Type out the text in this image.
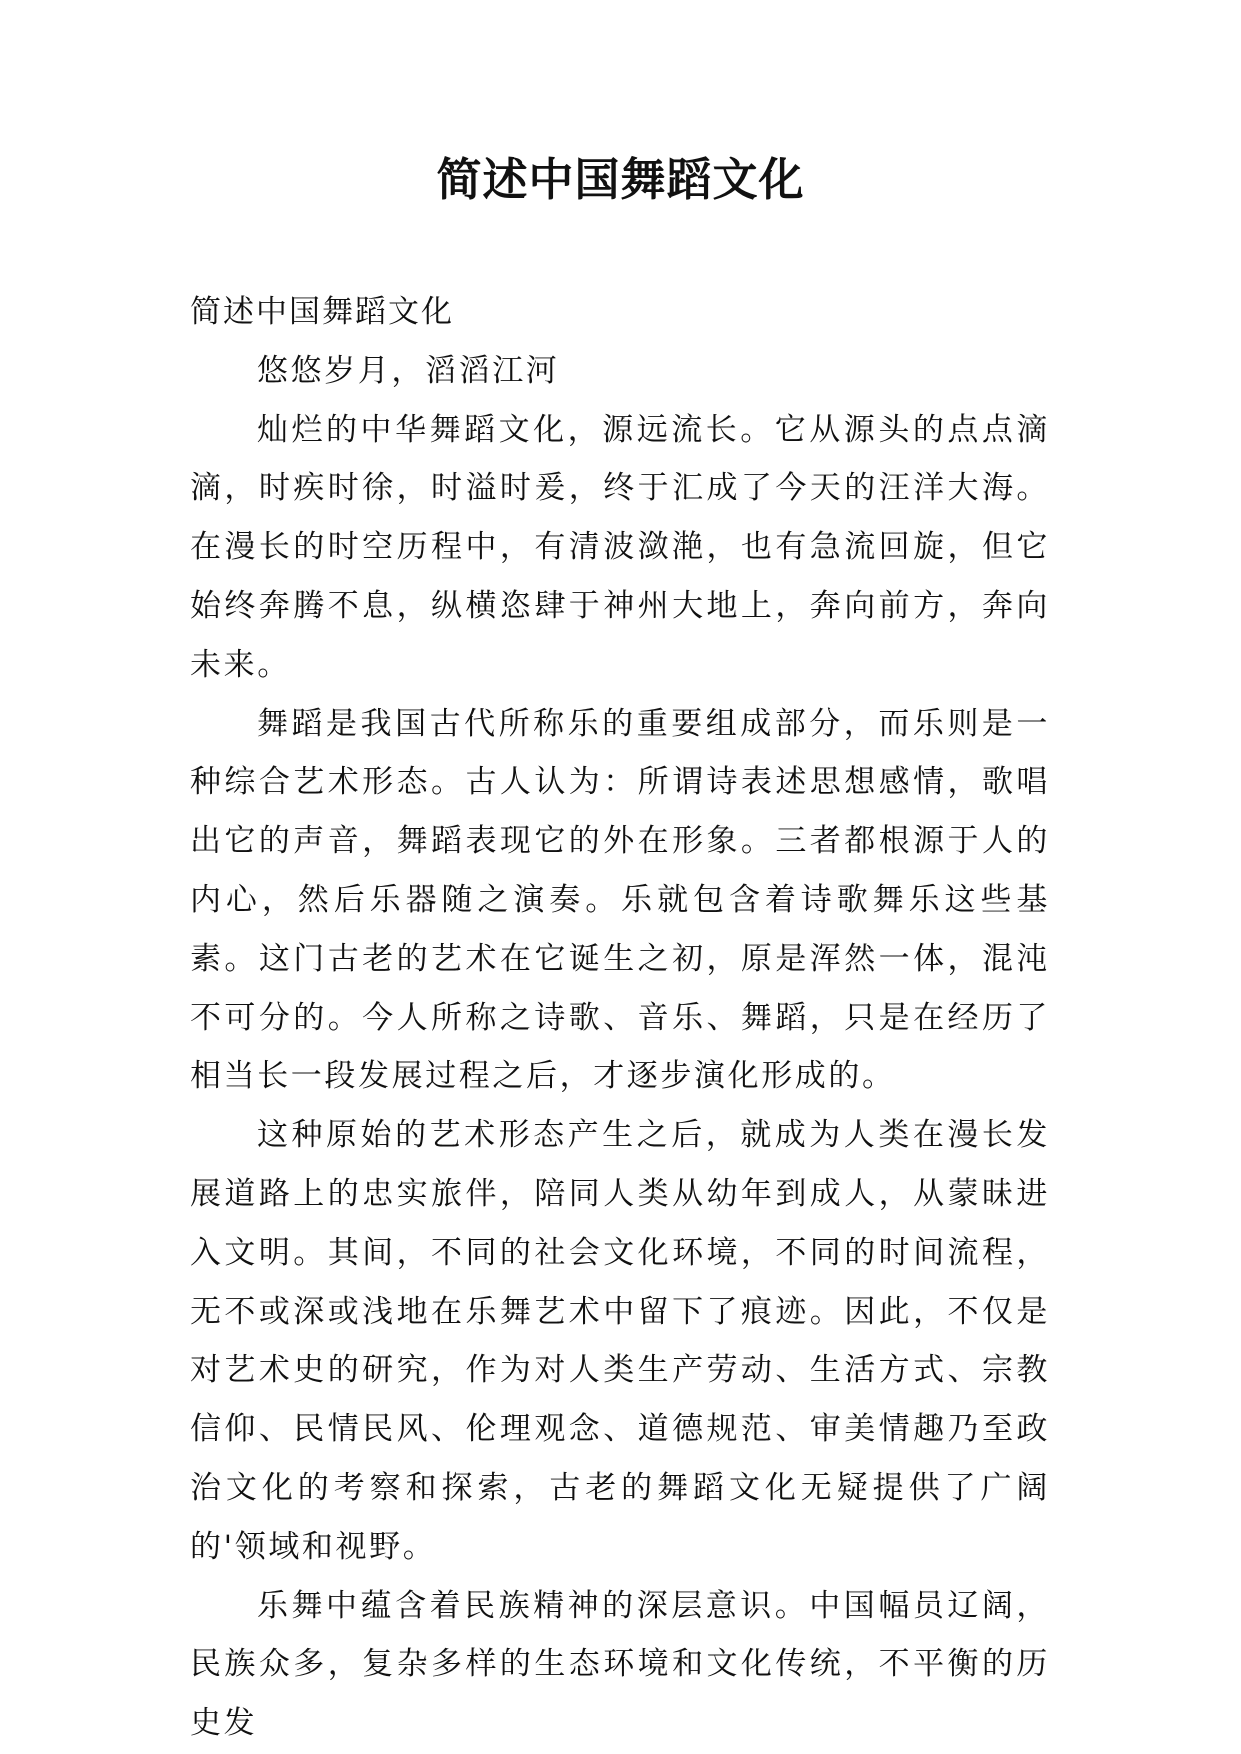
简述中国舞蹈文化

简述中国舞蹈文化

悠悠岁月，滔滔江河

灿烂的中华舞蹈文化，源远流长。它从源头的点点滴滴，时疾时徐，时溢时爰，终于汇成了今天的汪洋大海。在漫长的时空历程中，有清波潋滟，也有急流回旋，但它始终奔腾不息，纵横恣肆于神州大地上，奔向前方，奔向未来。

舞蹈是我国古代所称乐的重要组成部分，而乐则是一种综合艺术形态。古人认为：所谓诗表述思想感情，歌唱出它的声音，舞蹈表现它的外在形象。三者都根源于人的内心，然后乐器随之演奏。乐就包含着诗歌舞乐这些基素。这门古老的艺术在它诞生之初，原是浑然一体，混沌不可分的。今人所称之诗歌、音乐、舞蹈，只是在经历了相当长一段发展过程之后，才逐步演化形成的。

这种原始的艺术形态产生之后，就成为人类在漫长发展道路上的忠实旅伴，陪同人类从幼年到成人，从蒙昧进入文明。其间，不同的社会文化环境，不同的时间流程，无不或深或浅地在乐舞艺术中留下了痕迹。因此，不仅是对艺术史的研究，作为对人类生产劳动、生活方式、宗教信仰、民情民风、伦理观念、道德规范、审美情趣乃至政治文化的考察和探索，古老的舞蹈文化无疑提供了广阔的'领域和视野。

乐舞中蕴含着民族精神的深层意识。中国幅员辽阔，民族众多，复杂多样的生态环境和文化传统，不平衡的历史发
